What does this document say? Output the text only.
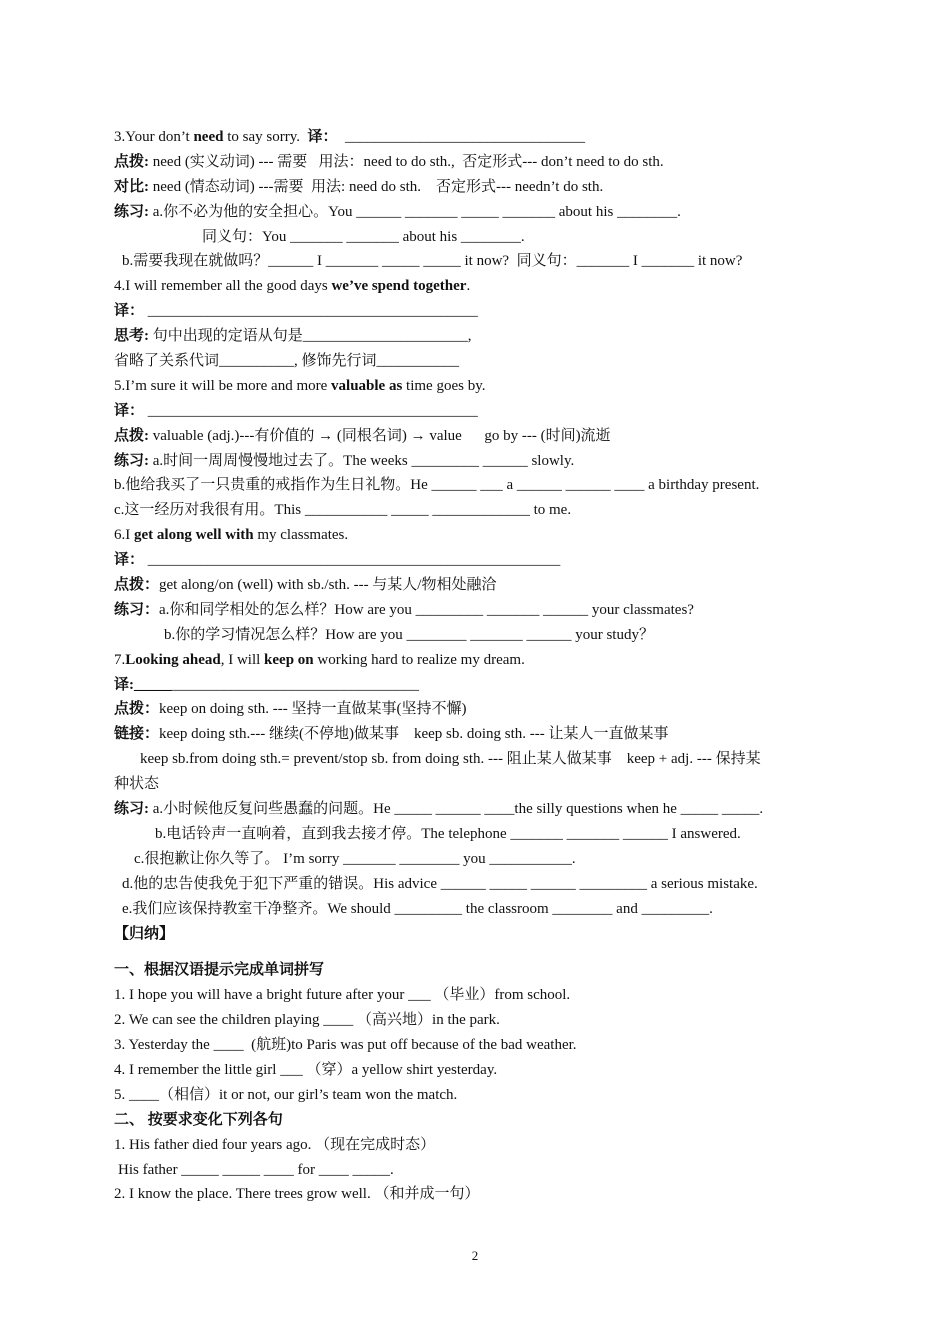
3.Your don’t need to say sorry.  译：  ________________________________
点拨: need (实义动词) --- 需要   用法：need to do sth.,  否定形式--- don’t need to do sth.
对比: need (情态动词) ---需要  用法: need do sth.    否定形式--- needn’t do sth.
练习: a.你不必为他的安全担心。You ______ _______ _____ _______ about his ________.
同义句：You _______ _______ about his ________.
b.需要我现在就做吗？______ I _______ _____ _____ it now?  同义句：_______ I _______ it now?
4.I will remember all the good days we’ve spend together.
译： ____________________________________________
思考: 句中出现的定语从句是______________________,
省略了关系代词__________, 修饰先行词___________
5.I’m sure it will be more and more valuable as time goes by.
译： ____________________________________________
点拨: valuable (adj.)---有价值的 → (同根名词) → value      go by --- (时间)流逝
练习: a.时间一周周慢慢地过去了。The weeks _________ ______ slowly.
b.他给我买了一只贵重的戒指作为生日礼物。He ______ ___ a ______ ______ ____ a birthday present.
c.这一经历对我很有用。This ___________ _____ _____________ to me.
6.I get along well with my classmates.
译： _______________________________________________________
点拨：get along/on (well) with sb./sth. --- 与某人/物相处融洽
练习：a.你和同学相处的怎么样？How are you _________ _______ ______ your classmates?
b.你的学习情况怎么样？How are you ________ _______ ______ your study？
7.Looking ahead, I will keep on working hard to realize my dream.
译:______________________________________
点拨：keep on doing sth. --- 坚持一直做某事(坚持不懈)
链接：keep doing sth.--- 继续(不停地)做某事    keep sb. doing sth. --- 让某人一直做某事
keep sb.from doing sth.= prevent/stop sb. from doing sth. --- 阻止某人做某事    keep + adj. --- 保持某
种状态
练习: a.小时候他反复问些愚蠢的问题。He _____ ______ ____the silly questions when he _____ _____.
b.电话铃声一直响着，直到我去接才停。The telephone _______ _______ ______ I answered.
c.很抱歉让你久等了。 I’m sorry _______ ________ you ___________.
d.他的忠告使我免于犯下严重的错误。His advice ______ _____ ______ _________ a serious mistake.
e.我们应该保持教室干净整齐。We should _________ the classroom ________ and _________.
【归纳】
一、根据汉语提示完成单词拼写
1. I hope you will have a bright future after your ___ （毕业）from school.
2. We can see the children playing ____ （高兴地）in the park.
3. Yesterday the ____  (航班)to Paris was put off because of the bad weather.
4. I remember the little girl ___ （穿）a yellow shirt yesterday.
5. ____（相信）it or not, our girl’s team won the match.
二、 按要求变化下列各句
1. His father died four years ago. （现在完成时态）
His father _____ _____ ____ for ____ _____.
2. I know the place. There trees grow well. （和并成一句）
2
